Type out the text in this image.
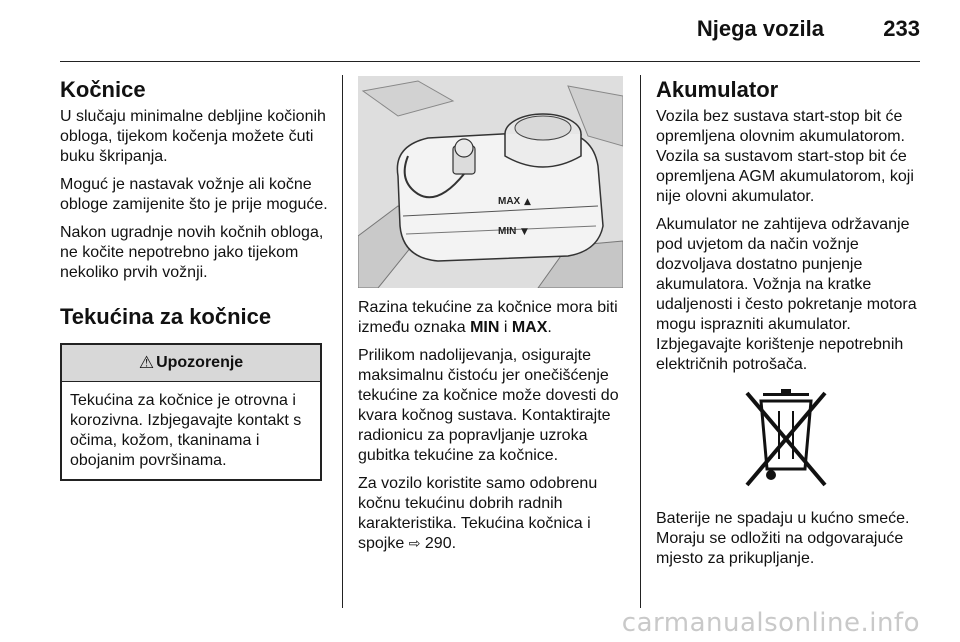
Njega vozila	233
Kočnice

U slučaju minimalne debljine kočionih
obloga, tijekom kočenja možete čuti
buku škripanja.

Moguć je nastavak vožnje ali kočne
obloge zamijenite što je prije moguće.

Nakon ugradnje novih kočnih obloga,
ne kočite nepotrebno jako tijekom
nekoliko prvih vožnji.

Tekućina za kočnice
⚠ Upozorenje
Tekućina za kočnice je otrovna i
korozivna. Izbjegavajte kontakt s
očima, kožom, tkaninama i
obojanim površinama.
MAX ▲
MIN ▼

Razina tekućine za kočnice mora biti
između oznaka MIN i MAX.

Prilikom nadolijevanja, osigurajte
maksimalnu čistoću jer onečišćenje
tekućine za kočnice može dovesti do
kvara kočnog sustava. Kontaktirajte
radionicu za popravljanje uzroka
gubitka tekućine za kočnice.

Za vozilo koristite samo odobrenu
kočnu tekućinu dobrih radnih
karakteristika. Tekućina kočnica i
spojke ⇨ 290.

Akumulator

Vozila bez sustava start-stop bit će
opremljena olovnim akumulatorom.
Vozila sa sustavom start-stop bit će
opremljena AGM akumulatorom, koji
nije olovni akumulator.

Akumulator ne zahtijeva održavanje
pod uvjetom da način vožnje
dozvoljava dostatno punjenje
akumulatora. Vožnja na kratke
udaljenosti i često pokretanje motora
mogu isprazniti akumulator.
Izbjegavajte korištenje nepotrebnih
električnih potrošača.

Baterije ne spadaju u kućno smeće.
Moraju se odložiti na odgovarajuće
mjesto za prikupljanje.

carmanualsonline.info
